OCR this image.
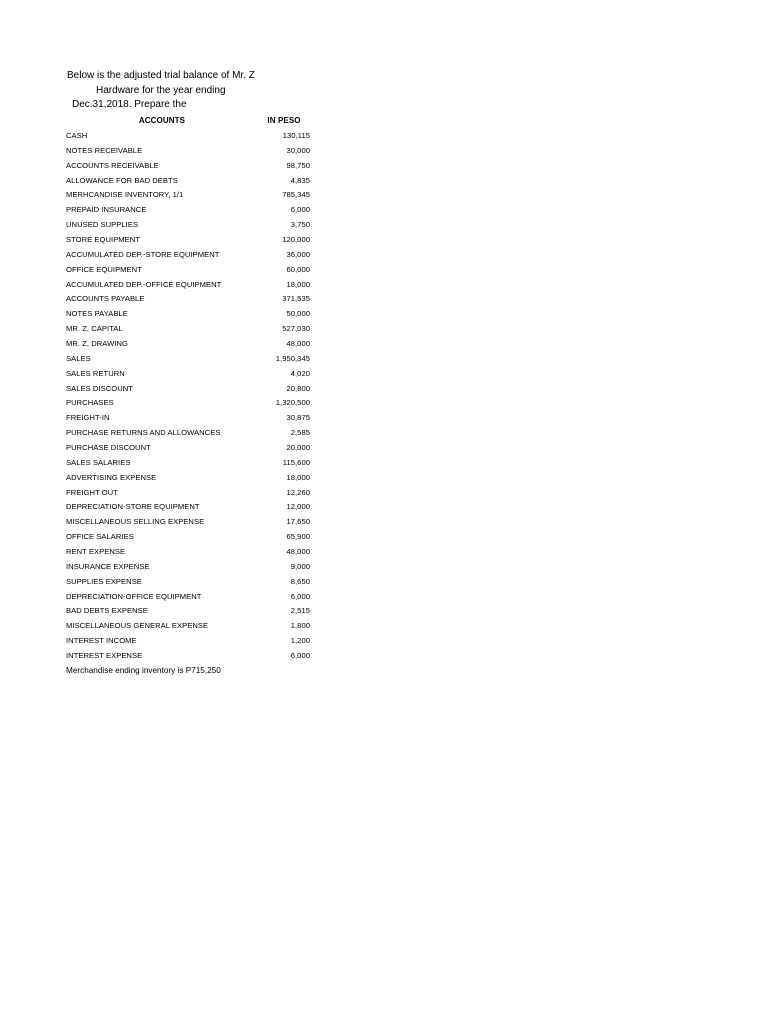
Below is the adjusted trial balance of Mr. Z
Hardware for the year ending
Dec.31,2018. Prepare the
ACCOUNTS	IN PESO
CASH	130,115
NOTES RECEIVABLE	30,000
ACCOUNTS RECEIVABLE	98,750
ALLOWANCE FOR BAD DEBTS	4,835
MERHCANDISE INVENTORY, 1/1	785,345
PREPAID INSURANCE	6,000
UNUSED SUPPLIES	3,750
STORE EQUIPMENT	120,000
ACCUMULATED DEP.-STORE EQUIPMENT	36,000
OFFICE EQUIPMENT	60,000
ACCUMULATED DEP.-OFFICE EQUIPMENT	18,000
ACCOUNTS PAYABLE	371,535
NOTES PAYABLE	50,000
MR. Z, CAPITAL	527,030
MR. Z, DRAWING	48,000
SALES	1,950,345
SALES RETURN	4,020
SALES DISCOUNT	20,800
PURCHASES	1,320,500
FREIGHT-IN	30,875
PURCHASE RETURNS AND ALLOWANCES	2,585
PURCHASE DISCOUNT	20,000
SALES SALARIES	115,600
ADVERTISING EXPENSE	18,000
FREIGHT OUT	12,260
DEPRECIATION-STORE EQUIPMENT	12,000
MISCELLANEOUS SELLING EXPENSE	17,650
OFFICE SALARIES	65,900
RENT EXPENSE	48,000
INSURANCE EXPENSE	9,000
SUPPLIES EXPENSE	8,650
DEPRECIATION-OFFICE EQUIPMENT	6,000
BAD DEBTS EXPENSE	2,515
MISCELLANEOUS GENERAL EXPENSE	1,800
INTEREST INCOME	1,200
INTEREST EXPENSE	6,000
Merchandise ending inventory is P715,250
